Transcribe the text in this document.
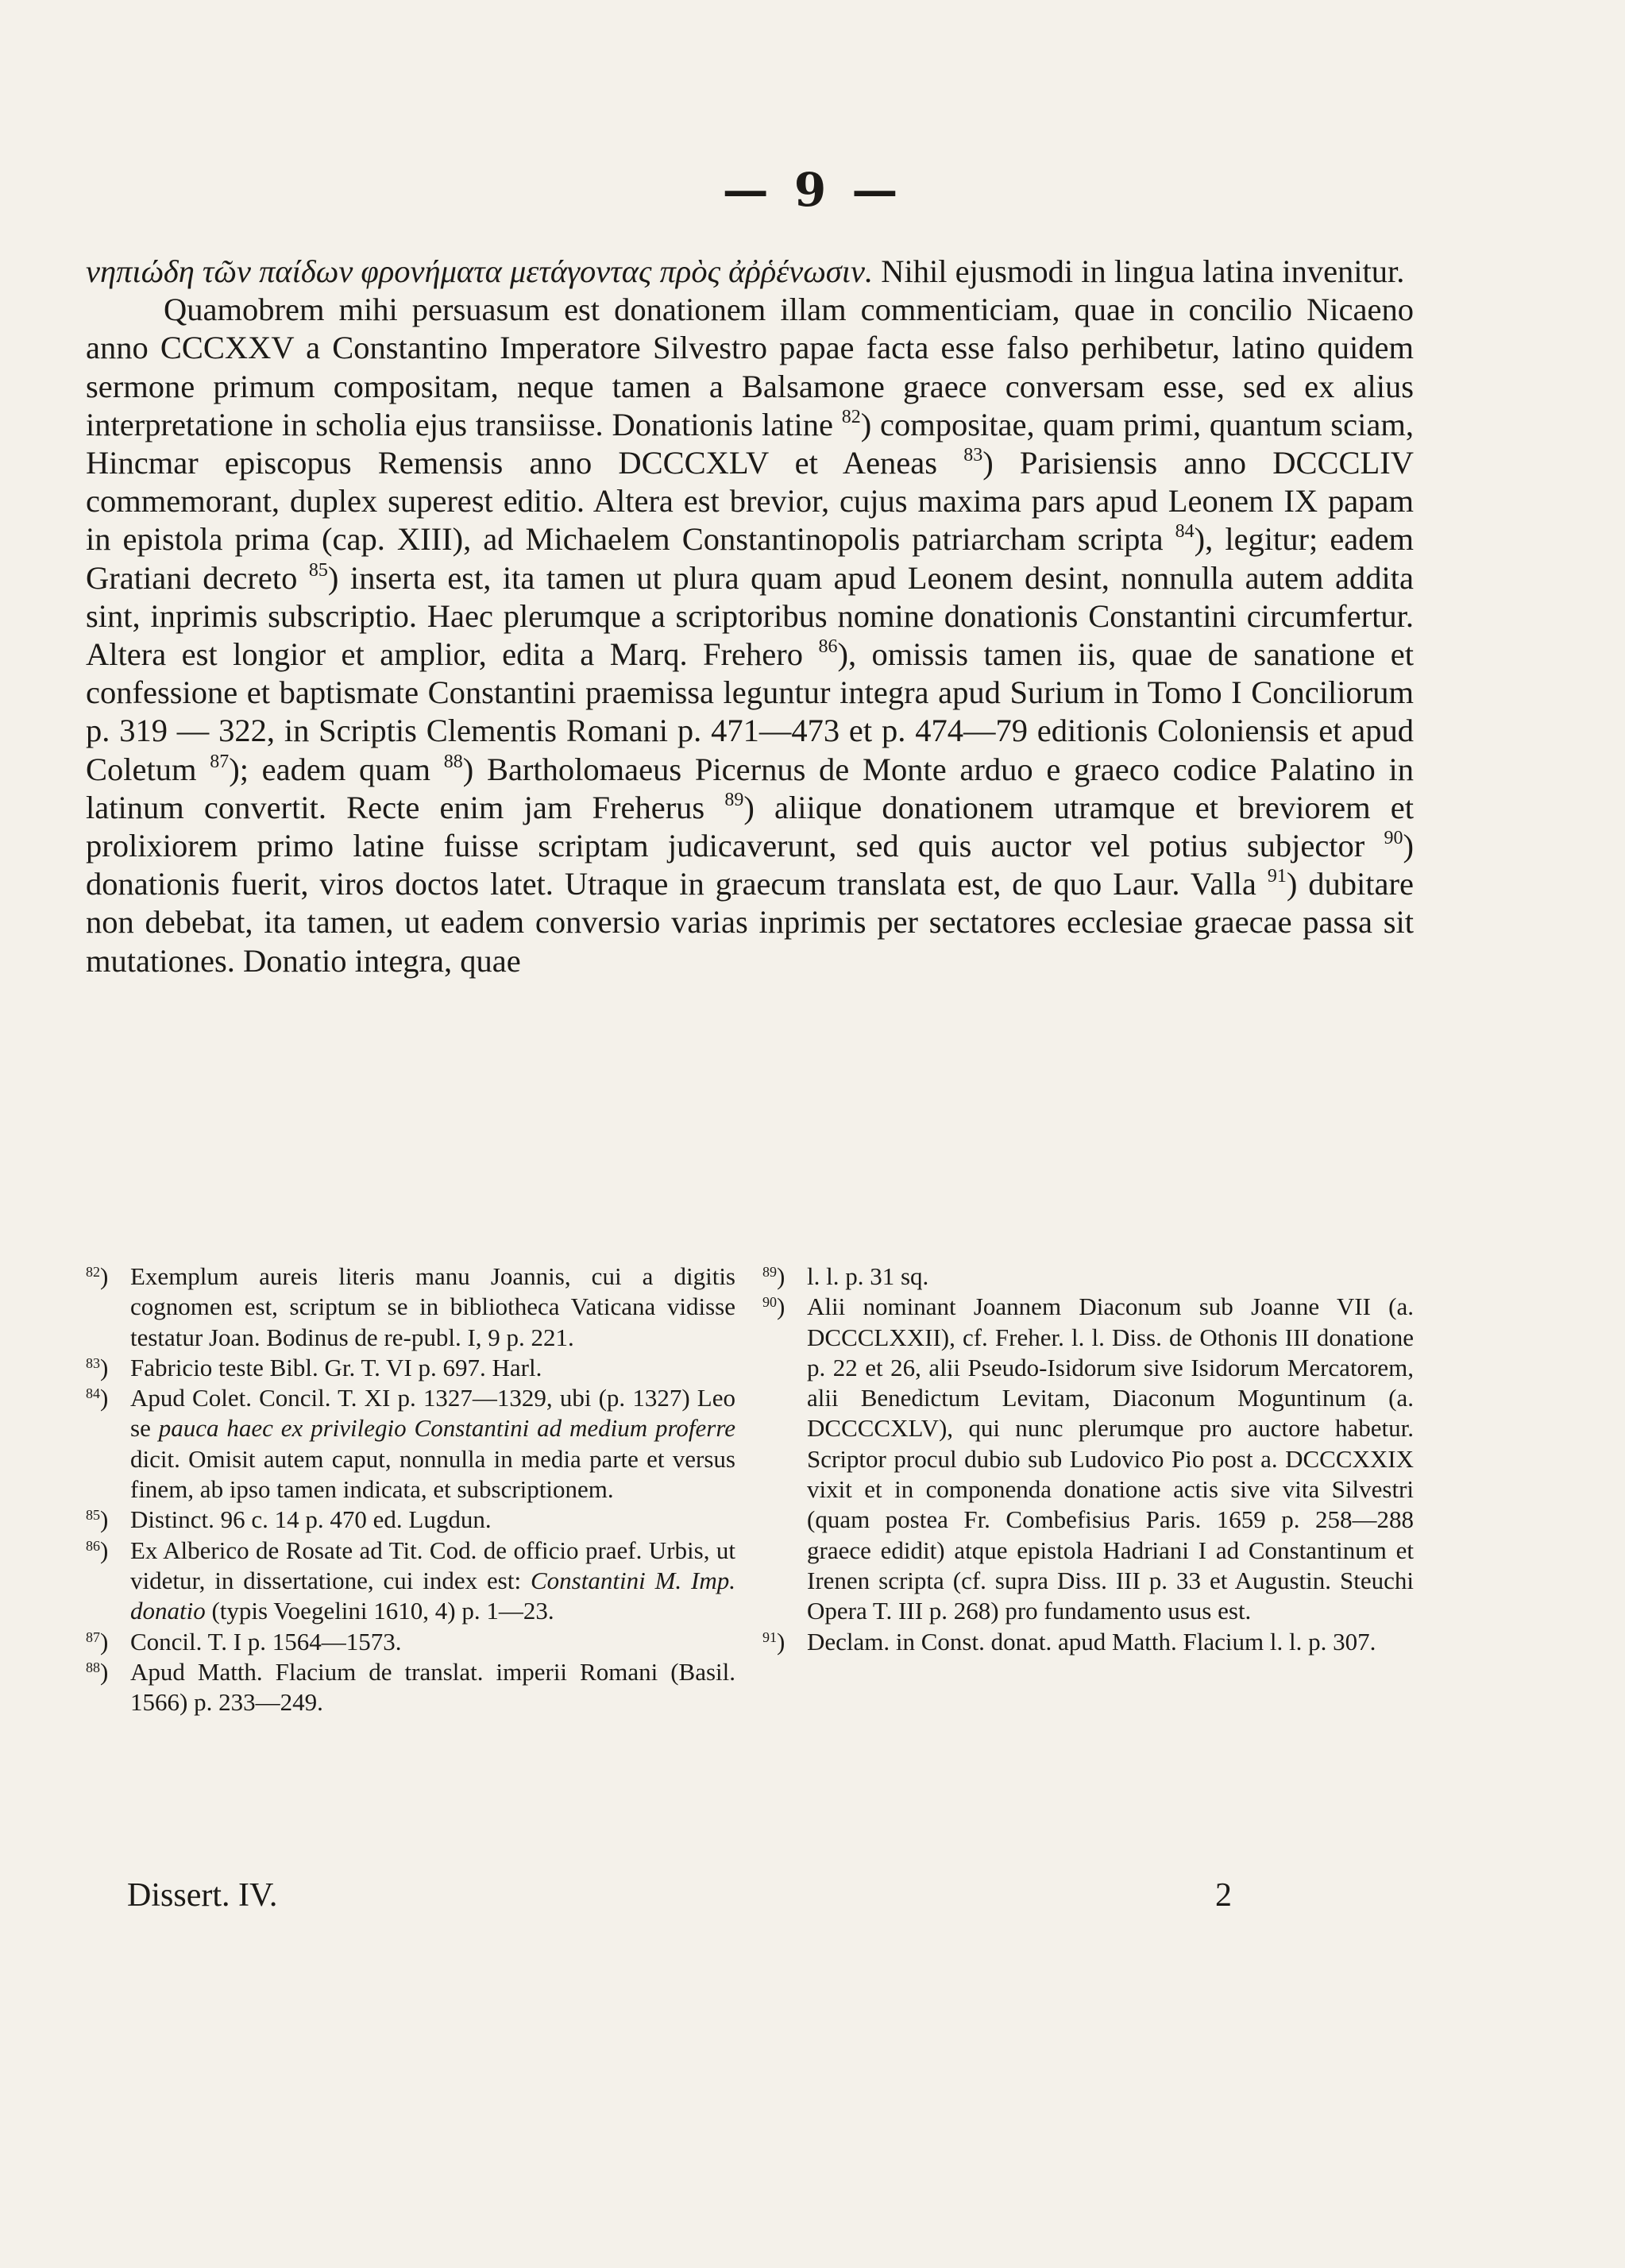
— 9 —

νηπιώδη τῶν παίδων φρονήματα μετάγοντας πρὸς ἀῤῥένωσιν. Nihil ejusmodi in lingua latina invenitur.

Quamobrem mihi persuasum est donationem illam commenticiam, quae in concilio Nicaeno anno CCCXXV a Constantino Imperatore Silvestro papae facta esse falso perhibetur, latino quidem sermone primum compositam, neque tamen a Balsamone graece conversam esse, sed ex alius interpretatione in scholia ejus transiisse. Donationis latine $^{82}$) compositae, quam primi, quantum sciam, Hincmar episcopus Remensis anno DCCCXLV et Aeneas $^{83}$) Parisiensis anno DCCCLIV commemorant, duplex superest editio. Altera est brevior, cujus maxima pars apud Leonem IX papam in epistola prima (cap. XIII), ad Michaelem Constantinopolis patriarcham scripta $^{84}$), legitur; eadem Gratiani decreto $^{85}$) inserta est, ita tamen ut plura quam apud Leonem desint, nonnulla autem addita sint, inprimis subscriptio. Haec plerumque a scriptoribus nomine donationis Constantini circumfertur. Altera est longior et amplior, edita a Marq. Frehero $^{86}$), omissis tamen iis, quae de sanatione et confessione et baptismate Constantini praemissa leguntur integra apud Surium in Tomo I Conciliorum p. 319 — 322, in Scriptis Clementis Romani p. 471—473 et p. 474—79 editionis Coloniensis et apud Coletum $^{87}$); eadem quam $^{88}$) Bartholomaeus Picernus de Monte arduo e graeco codice Palatino in latinum convertit. Recte enim jam Freherus $^{89}$) aliique donationem utramque et breviorem et prolixiorem primo latine fuisse scriptam judicaverunt, sed quis auctor vel potius subjector $^{90}$) donationis fuerit, viros doctos latet. Utraque in graecum translata est, de quo Laur. Valla $^{91}$) dubitare non debebat, ita tamen, ut eadem conversio varias inprimis per sectatores ecclesiae graecae passa sit mutationes. Donatio integra, quae

$^{82}$) Exemplum aureis literis manu Joannis, cui a digitis cognomen est, scriptum se in bibliotheca Vaticana vidisse testatur Joan. Bodinus de re-publ. I, 9 p. 221.

$^{83}$) Fabricio teste Bibl. Gr. T. VI p. 697. Harl.

$^{84}$) Apud Colet. Concil. T. XI p. 1327—1329, ubi (p. 1327) Leo se pauca haec ex privilegio Constantini ad medium proferre dicit. Omisit autem caput, nonnulla in media parte et versus finem, ab ipso tamen indicata, et subscriptionem.

$^{85}$) Distinct. 96 c. 14 p. 470 ed. Lugdun.

$^{86}$) Ex Alberico de Rosate ad Tit. Cod. de officio praef. Urbis, ut videtur, in dissertatione, cui index est: Constantini M. Imp. donatio (typis Voegelini 1610, 4) p. 1—23.

$^{87}$) Concil. T. I p. 1564—1573.

$^{88}$) Apud Matth. Flacium de translat. imperii Romani (Basil. 1566) p. 233—249.

$^{89}$) l. l. p. 31 sq.

$^{90}$) Alii nominant Joannem Diaconum sub Joanne VII (a. DCCCLXXII), cf. Freher. l. l. Diss. de Othonis III donatione p. 22 et 26, alii Pseudo-Isidorum sive Isidorum Mercatorem, alii Benedictum Levitam, Diaconum Moguntinum (a. DCCCCXLV), qui nunc plerumque pro auctore habetur. Scriptor procul dubio sub Ludovico Pio post a. DCCCXXIX vixit et in componenda donatione actis sive vita Silvestri (quam postea Fr. Combefisius Paris. 1659 p. 258—288 graece edidit) atque epistola Hadriani I ad Constantinum et Irenen scripta (cf. supra Diss. III p. 33 et Augustin. Steuchi Opera T. III p. 268) pro fundamento usus est.

$^{91}$) Declam. in Const. donat. apud Matth. Flacium l. l. p. 307.

Dissert. IV.	2
